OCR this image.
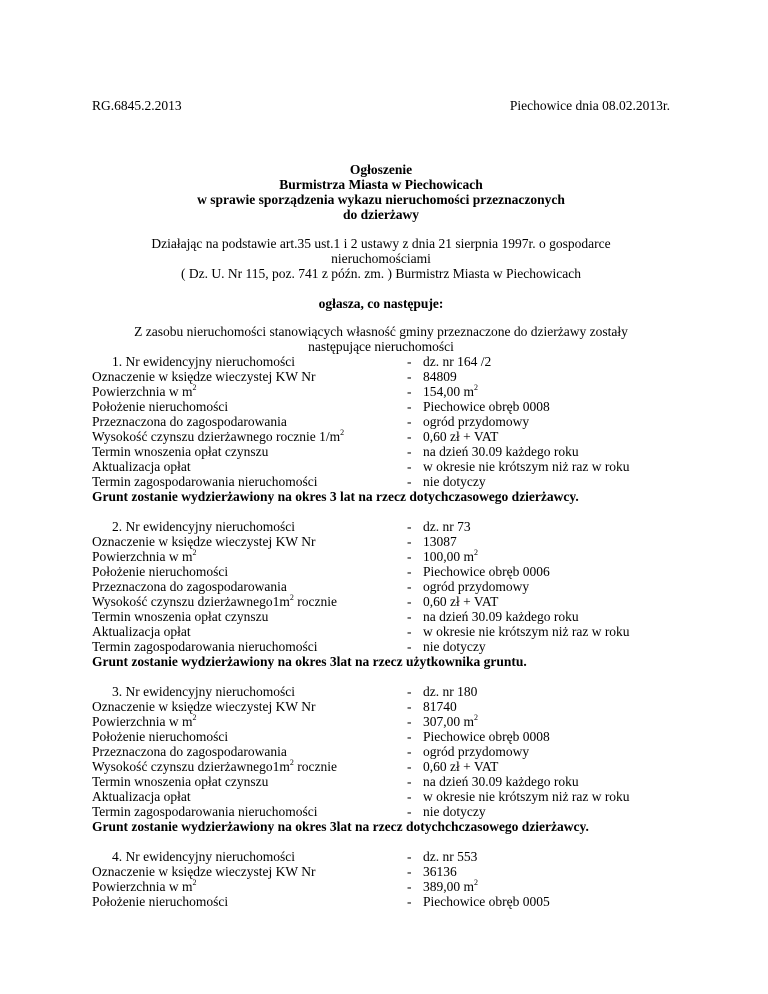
RG.6845.2.2013	Piechowice dnia 08.02.2013r.
Ogłoszenie
Burmistrza Miasta w Piechowicach
w sprawie sporządzenia wykazu nieruchomości przeznaczonych
do dzierżawy
Działając na podstawie art.35 ust.1 i 2 ustawy z dnia 21 sierpnia 1997r. o gospodarce
nieruchomościami
( Dz. U. Nr 115, poz. 741 z późn. zm. ) Burmistrz Miasta w Piechowicach
ogłasza, co następuje:
Z zasobu nieruchomości stanowiących własność gminy przeznaczone do dzierżawy zostały
następujące nieruchomości
1. Nr ewidencyjny nieruchomości	- dz. nr 164 /2
Oznaczenie w księdze wieczystej KW Nr	- 84809
Powierzchnia w $m^2$	- 154,00 $m^2$
Położenie nieruchomości	- Piechowice obręb 0008
Przeznaczona do zagospodarowania	- ogród przydomowy
Wysokość czynszu dzierżawnego rocznie $1/m^2$	- 0,60 zł + VAT
Termin wnoszenia opłat czynszu	- na dzień 30.09 każdego roku
Aktualizacja opłat	- w okresie nie krótszym niż raz w roku
Termin zagospodarowania nieruchomości	- nie dotyczy
Grunt zostanie wydzierżawiony na okres 3 lat na rzecz dotychczasowego dzierżawcy.
2. Nr ewidencyjny nieruchomości	- dz. nr 73
Oznaczenie w księdze wieczystej KW Nr	- 13087
Powierzchnia w $m^2$	- 100,00 $m^2$
Położenie nieruchomości	- Piechowice obręb 0006
Przeznaczona do zagospodarowania	- ogród przydomowy
Wysokość czynszu $dzierżawnego1m^2$ rocznie	- 0,60 zł + VAT
Termin wnoszenia opłat czynszu	- na dzień 30.09 każdego roku
Aktualizacja opłat	- w okresie nie krótszym niż raz w roku
Termin zagospodarowania nieruchomości	- nie dotyczy
Grunt zostanie wydzierżawiony na okres 3lat na rzecz użytkownika gruntu.
3. Nr ewidencyjny nieruchomości	- dz. nr 180
Oznaczenie w księdze wieczystej KW Nr	- 81740
Powierzchnia w $m^2$	- 307,00 $m^2$
Położenie nieruchomości	- Piechowice obręb 0008
Przeznaczona do zagospodarowania	- ogród przydomowy
Wysokość czynszu $dzierżawnego1m^2$ rocznie	- 0,60 zł + VAT
Termin wnoszenia opłat czynszu	- na dzień 30.09 każdego roku
Aktualizacja opłat	- w okresie nie krótszym niż raz w roku
Termin zagospodarowania nieruchomości	- nie dotyczy
Grunt zostanie wydzierżawiony na okres 3lat na rzecz dotychchczasowego dzierżawcy.
4. Nr ewidencyjny nieruchomości	- dz. nr 553
Oznaczenie w księdze wieczystej KW Nr	- 36136
Powierzchnia w $m^2$	- 389,00 $m^2$
Położenie nieruchomości	- Piechowice obręb 0005
